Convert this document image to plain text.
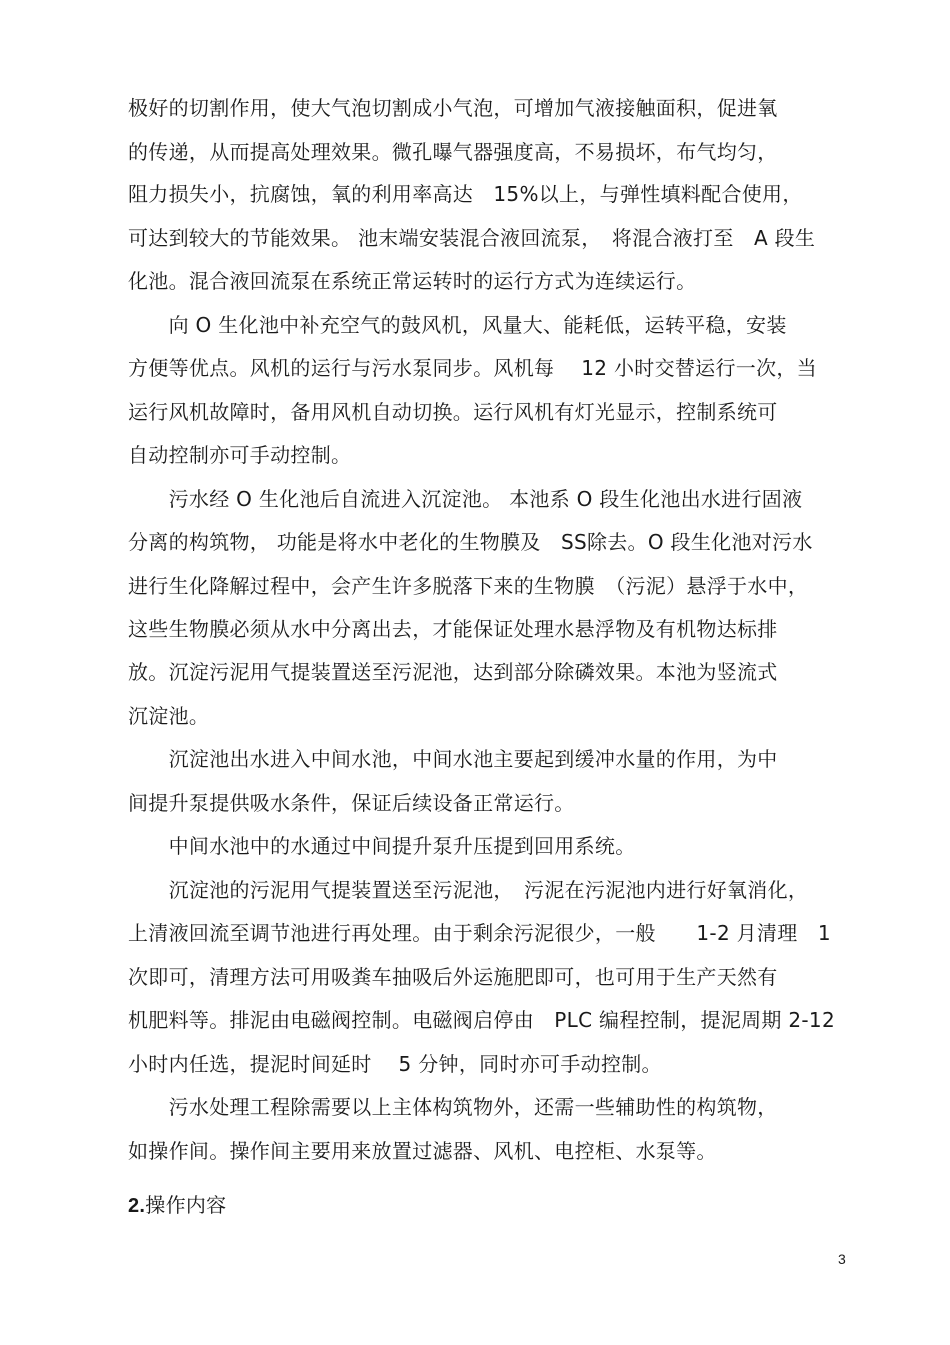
极好的切割作用，使大气泡切割成小气泡，可增加气液接触面积，促进氧
的传递，从而提高处理效果。微孔曝气器强度高，不易损坏，布气均匀，
阻力损失小，抗腐蚀，氧的利用率高达　15%以上，与弹性填料配合使用，
可达到较大的节能效果。 池末端安装混合液回流泵，　将混合液打至　A 段生
化池。混合液回流泵在系统正常运转时的运行方式为连续运行。
　　向 O 生化池中补充空气的鼓风机，风量大、能耗低，运转平稳，安装
方便等优点。风机的运行与污水泵同步。风机每　 12 小时交替运行一次，当
运行风机故障时，备用风机自动切换。运行风机有灯光显示，控制系统可
自动控制亦可手动控制。
　　污水经 O 生化池后自流进入沉淀池。 本池系 O 段生化池出水进行固液
分离的构筑物， 功能是将水中老化的生物膜及　SS除去。O 段生化池对污水
进行生化降解过程中，会产生许多脱落下来的生物膜　（污泥）悬浮于水中，
这些生物膜必须从水中分离出去，才能保证处理水悬浮物及有机物达标排
放。沉淀污泥用气提装置送至污泥池，达到部分除磷效果。本池为竖流式
沉淀池。
　　沉淀池出水进入中间水池，中间水池主要起到缓冲水量的作用，为中
间提升泵提供吸水条件，保证后续设备正常运行。
　　中间水池中的水通过中间提升泵升压提到回用系统。
　　沉淀池的污泥用气提装置送至污泥池，　污泥在污泥池内进行好氧消化，
上清液回流至调节池进行再处理。由于剩余污泥很少，一般　　1-2 月清理　1
次即可，清理方法可用吸粪车抽吸后外运施肥即可，也可用于生产天然有
机肥料等。排泥由电磁阀控制。电磁阀启停由　PLC 编程控制，提泥周期 2-12
小时内任选，提泥时间延时　 5 分钟，同时亦可手动控制。
　　污水处理工程除需要以上主体构筑物外，还需一些辅助性的构筑物，
如操作间。操作间主要用来放置过滤器、风机、电控柜、水泵等。
2.操作内容
3
